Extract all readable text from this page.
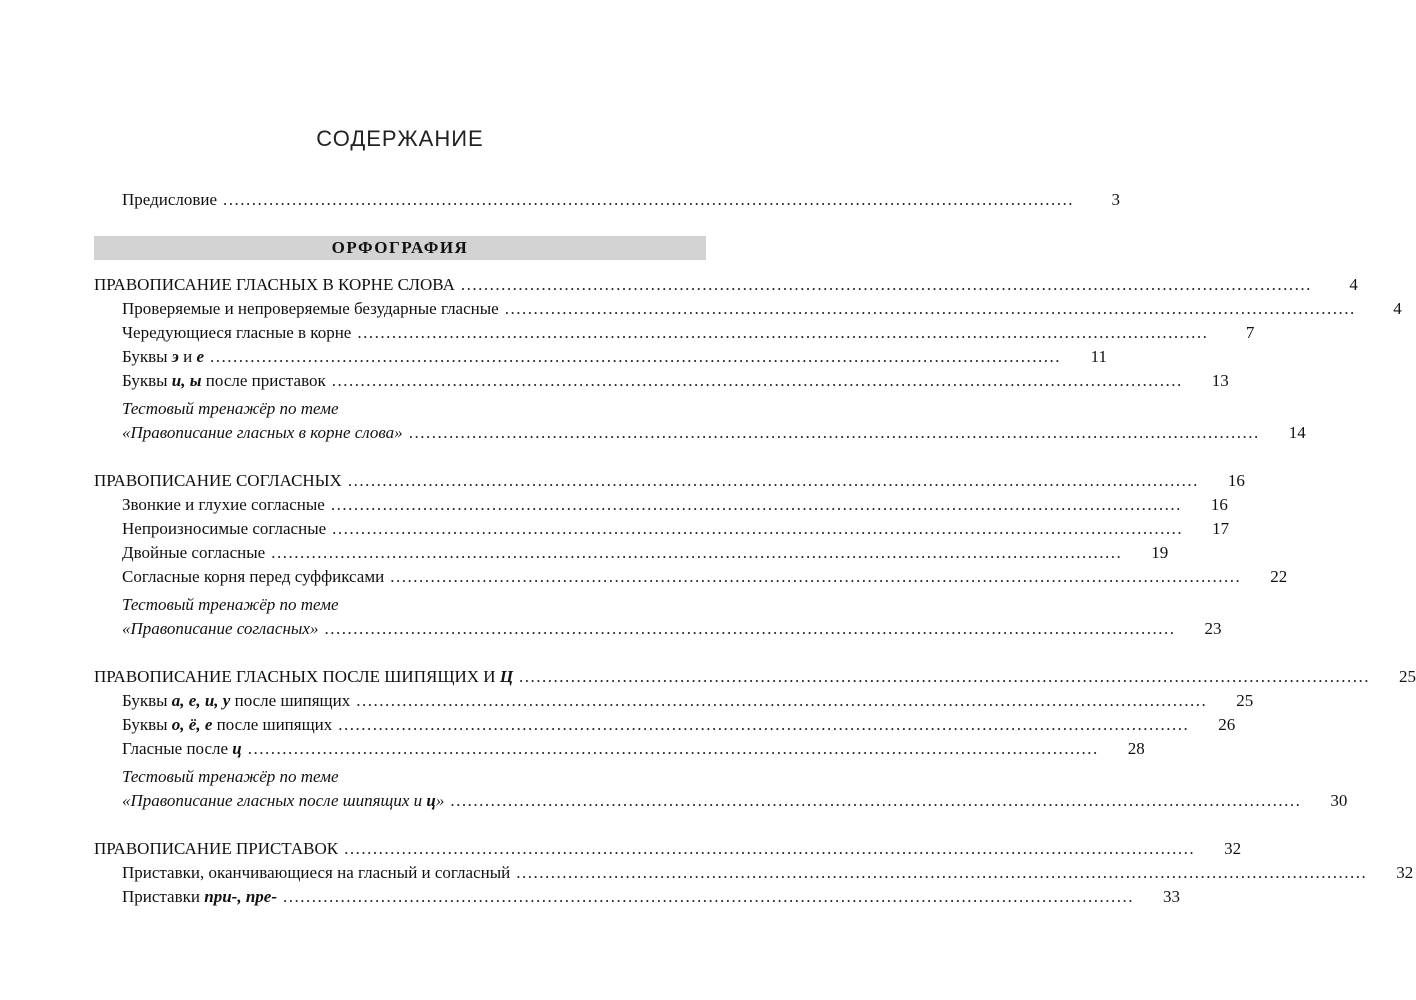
СОДЕРЖАНИЕ
Предисловие ....................................................................................................................................................	3
ОРФОГРАФИЯ
ПРАВОПИСАНИЕ ГЛАСНЫХ В КОРНЕ СЛОВА ....................................................................................................................................................	4
Проверяемые и непроверяемые безударные гласные ....................................................................................................................................................	4
Чередующиеся гласные в корне ....................................................................................................................................................	7
Буквы э и е ....................................................................................................................................................	11
Буквы и, ы после приставок ....................................................................................................................................................	13
Тестовый тренажёр по теме
«Правописание гласных в корне слова» ....................................................................................................................................................	14
ПРАВОПИСАНИЕ СОГЛАСНЫХ ....................................................................................................................................................	16
Звонкие и глухие согласные ....................................................................................................................................................	16
Непроизносимые согласные ....................................................................................................................................................	17
Двойные согласные ....................................................................................................................................................	19
Согласные корня перед суффиксами ....................................................................................................................................................	22
Тестовый тренажёр по теме
«Правописание согласных» ....................................................................................................................................................	23
ПРАВОПИСАНИЕ ГЛАСНЫХ ПОСЛЕ ШИПЯЩИХ И Ц ....................................................................................................................................................	25
Буквы а, е, и, у после шипящих ....................................................................................................................................................	25
Буквы о, ё, е после шипящих ....................................................................................................................................................	26
Гласные после ц ....................................................................................................................................................	28
Тестовый тренажёр по теме
«Правописание гласных после шипящих и ц» ....................................................................................................................................................	30
ПРАВОПИСАНИЕ ПРИСТАВОК ....................................................................................................................................................	32
Приставки, оканчивающиеся на гласный и согласный ....................................................................................................................................................	32
Приставки при-, пре- ....................................................................................................................................................	33
